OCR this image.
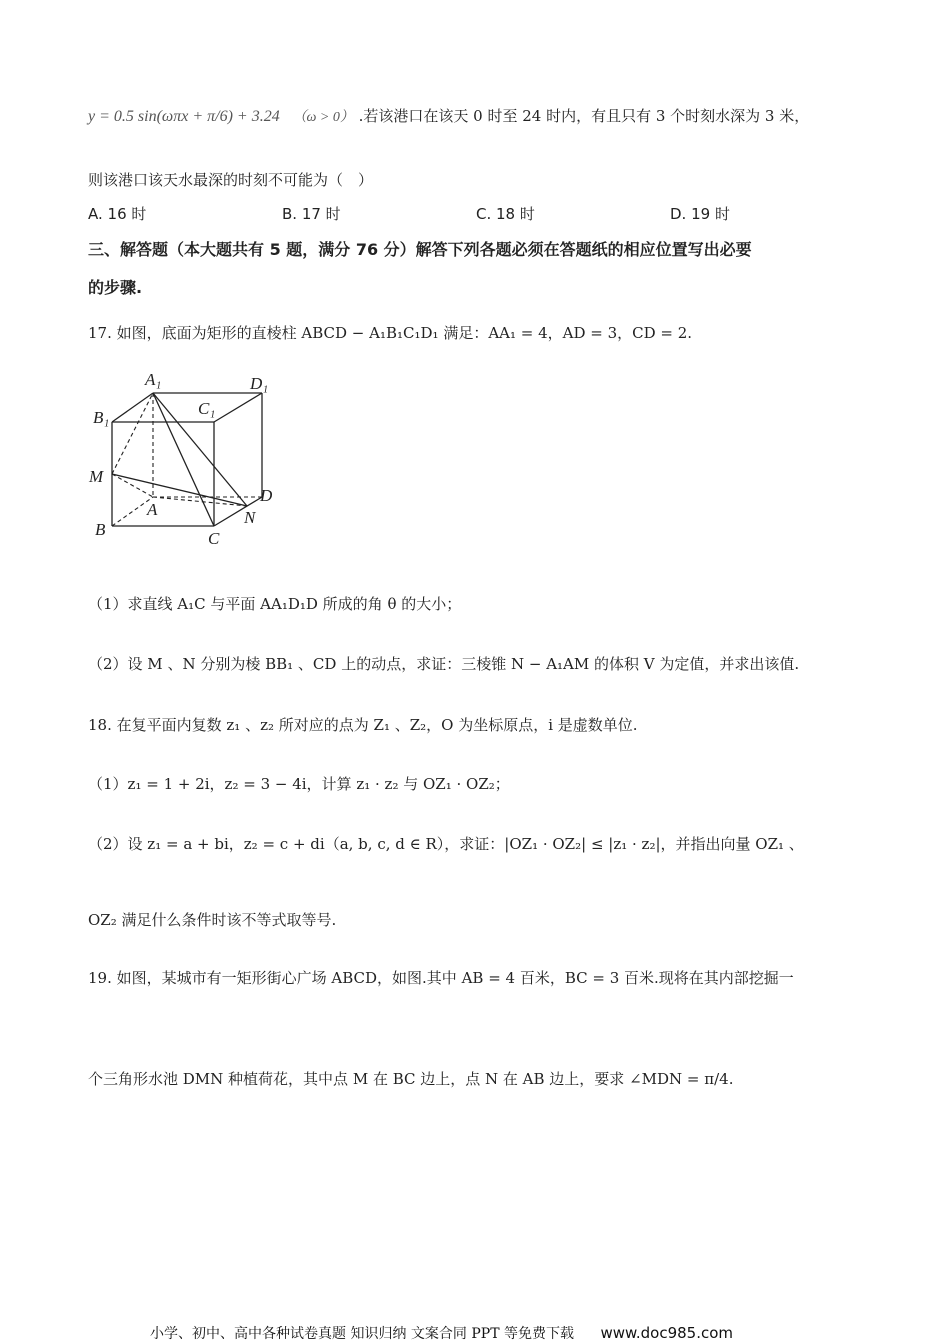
y = 0.5 sin(ωπx + π/6) + 3.24 （ω > 0） .若该港口在该天 0 时至 24 时内，有且只有 3 个时刻水深为 3 米，
则该港口该天水最深的时刻不可能为（　）
A. 16 时	B. 17 时	C. 18 时	D. 19 时
三、解答题（本大题共有 5 题，满分 76 分）解答下列各题必须在答题纸的相应位置写出必要
的步骤.
17. 如图，底面为矩形的直棱柱 ABCD − A₁B₁C₁D₁ 满足：AA₁ = 4，AD = 3，CD = 2.
A₁	D₁
B₁	C₁
M
A
D
N
B	C
（1）求直线 A₁C 与平面 AA₁D₁D 所成的角 θ 的大小；
（2）设 M 、N 分别为棱 BB₁ 、CD 上的动点，求证：三棱锥 N − A₁AM 的体积 V 为定值，并求出该值.
18. 在复平面内复数 z₁ 、z₂ 所对应的点为 Z₁ 、Z₂，O 为坐标原点，i 是虚数单位.
（1）z₁ = 1 + 2i，z₂ = 3 − 4i，计算 z₁ · z₂ 与 OZ₁ · OZ₂；
（2）设 z₁ = a + bi，z₂ = c + di（a, b, c, d ∈ R），求证：|OZ₁ · OZ₂| ≤ |z₁ · z₂|，并指出向量 OZ₁ 、
OZ₂ 满足什么条件时该不等式取等号.
19. 如图，某城市有一矩形街心广场 ABCD，如图.其中 AB = 4 百米，BC = 3 百米.现将在其内部挖掘一
个三角形水池 DMN 种植荷花，其中点 M 在 BC 边上，点 N 在 AB 边上，要求 ∠MDN = π/4.
小学、初中、高中各种试卷真题 知识归纳 文案合同 PPT 等免费下载 www.doc985.com
